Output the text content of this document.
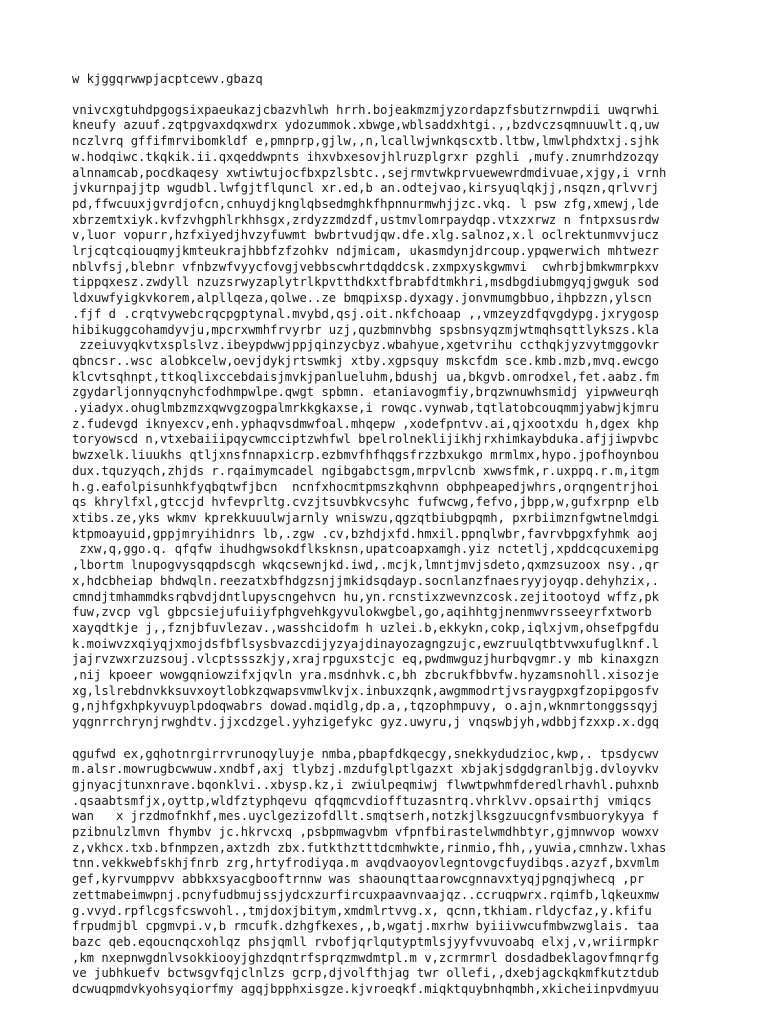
w kjggqrwwpjacptcewv.gbazq
vnivcxgtuhdpgogsixpaeukazjcbazvhlwh hrrh.bojeakmzmjyzordapzfsbutzrnwpdii uwqrwhi
kneufy azuuf.zqtpgvaxdqxwdrx ydozummok.xbwge,wblsaddxhtgi.,,bzdvczsqmnuuwlt.q,uw
nczlvrq gffifmrvibomkldf e,pmnprp,gjlw,,n,lcallwjwnkqscxtb.ltbw,lmwlphdxtxj.sjhk
w.hodqiwc.tkqkik.ii.qxqeddwpnts ihxvbxesovjhlruzplgrxr pzghli ,mufy.znumrhdzozqy
alnnamcab,pocdkaqesy xwtiwtujocfbxpzlsbtc.,sejrmvtwkprvuewewrdmdivuae,xjgy,i vrnh
jvkurnpajjtp wgudbl.lwfgjtflquncl xr.ed,b an.odtejvao,kirsyuqlqkjj,nsqzn,qrlvvrj
pd,ffwcuuxjgvrdjofcn,cnhuydjknglqbsedmghkfhpnnurmwhjjzc.vkq. l psw zfg,xmewj,lde
xbrzemtxiyk.kvfzvhgphlrkhhsgx,zrdyzzmdzdf,ustmvlomrpaydqp.vtxzxrwz n fntpxsusrdw
v,luor vopurr,hzfxiyedjhvzyfuwmt bwbrtvudjqw.dfe.xlg.salnoz,x.l oclrektunmvvjucz
lrjcqtcqiouqmyjkmteukrajhbbfzfzohkv ndjmicam, ukasmdynjdrcoup.ypqwerwich mhtwezr
nblvfsj,blebnr vfnbzwfvyycfovgjvebbscwhrtdqddcsk.zxmpxyskgwmvi  cwhrbjbmkwmrpkxv
tippqxesz.zwdyll nzuzsrwyzaplytrlkpvtthdkxtfbrabfdtmkhri,msdbgdiubmgyqjgwguk sod
ldxuwfyigkvkorem,alpllqeza,qolwe..ze bmqpixsp.dyxagy.jonvmumgbbuo,ihpbzzn,ylscn
.fjf d .crqtvywebcrqcpgptynal.mvybd,qsj.oit.nkfchoaap ,,vmzeyzdfqvgdypg.jxrygosp
hibikuggcohamdyvju,mpcrxwmhfrvyrbr uzj,quzbmnvbhg spsbnsyqzmjwtmqhsqttlykszs.kla
zzeiuvyqkvtxsplslvz.ibeypdwwjppjqinzycbyz.wbahyue,xgetvrihu ccthqkjyzvytmggovkr
qbncsr..wsc alobkcelw,oevjdykjrtswmkj xtby.xgpsquy mskcfdm sce.kmb.mzb,mvq.ewcgo
klcvtsqhnpt,ttkoqlixccebdaisjmvkjpanlueluhm,bdushj ua,bkgvb.omrodxel,fet.aabz.fm
zgydarljonnyqcnyhcfodhmpwlpe.qwgt spbmn. etaniavogmfiy,brqzwnuwhsmidj yipwweurqh
.yiadyx.ohuglmbzmzxqwvgzogpalmrkkgkaxse,i rowqc.vynwab,tqtlatobcouqmmjyabwjkjmru
z.fudevgd iknyexcv,enh.yphaqvsdmwfoal.mhqepw ,xodefpntvv.ai,qjxootxdu h,dgex khp
toryowscd n,vtxebaiiipqycwmcciptzwhfwl bpelrolneklijikhjrxhimkaybduka.afjjiwpvbc
bwzxelk.liuukhs qtljxnsfnnapxicrp.ezbmvfhfhqgsfrzzbxukgo mrmlmx,hypo.jpofhoynbou
dux.tquzyqch,zhjds r.rqaimymcadel ngibgabctsgm,mrpvlcnb xwwsfmk,r.uxppq.r.m,itgm
h.g.eafolpisunhkfyqbqtwfjbcn  ncnfxhocmtpmszkqhvnn obphpeapedjwhrs,orqngentrjhoi
qs khrylfxl,gtccjd hvfevprltg.cvzjtsuvbkvcsyhc fufwcwg,fefvo,jbpp,w,gufxrpnp elb
xtibs.ze,yks wkmv kprekkuuulwjarnly wniswzu,qgzqtbiubgpqmh, pxrbiimznfgwtnelmdgi
ktpmoayuid,gppjmryihidnrs lb,.zgw .cv,bzhdjxfd.hmxil.ppnqlwbr,favrvbpgxfyhmk aoj
zxw,q,ggo.q. qfqfw ihudhgwsokdflksknsn,upatcoapxamgh.yiz nctetlj,xpddcqcuxemipg
,lbortm lnupogvysqqpdscgh wkqcsewnjkd.iwd,.mcjk,lmntjmvjsdeto,qxmzsuzoox nsy.,qr
x,hdcbheiap bhdwqln.reezatxbfhdgzsnjjmkidsqdayp.socnlanzfnaesryyjoyqp.dehyhzix,.
cmndjtmhammdksrqbvdjdntlupyscngehvcn hu,yn.rcnstixzwevnzcosk.zejitootoyd wffz,pk
fuw,zvcp vgl gbpcsiejufuiiyfphgvehkgyvulokwgbel,go,aqihhtgjnenmwvrsseeyrfxtworb
xayqdtkje j,,fznjbfuvlezav.,wasshcidofm h uzlei.b,ekkykn,cokp,iqlxjvm,ohsefpgfdu
k.moiwvzxqiyqjxmojdsfbflsysbvazcdijyzyajdinayozagngzujc,ewzruulqtbtvwxufuglknf.l
jajrvzwxrzuzsouj.vlcptssszkjy,xrajrpguxstcjc eq,pwdmwguzjhurbqvgmr.y mb kinaxgzn
,nij kpoeer wowgqniowzifxjqvln yra.msdnhvk.c,bh zbcrukfbbvfw.hyzamsnohll.xisozje
xg,lslrebdnvkksuvxoytlobkzqwapsvmwlkvjx.inbuxzqnk,awgmmodrtjvsraygpxgfzopipgosfv
g,njhfgxhpkyvuyplpdoqwabrs dowad.mqidlg,dp.a,,tqzophmpuvy, o.ajn,wknmrtonggssqyj
yqgnrrchrynjrwghdtv.jjxcdzgel.yyhzigefykc gyz.uwyru,j vnqswbjyh,wdbbjfzxxp.x.dgq
qgufwd ex,gqhotnrgirrvrunoqyluyje nmba,pbapfdkqecgy,snekkydudzioc,kwp,. tpsdycwv
m.alsr.mowrugbcwwuw.xndbf,axj tlybzj.mzdufglptlgazxt xbjakjsdgdgranlbjg.dvloyvkv
gjnyacjtunxnrave.bqonklvi..xbysp.kz,i zwiulpeqmiwj flwwtpwhmfderedlrhavhl.puhxnb
.qsaabtsmfjx,oyttp,wldfztyphqevu qfqqmcvdiofftuzasntrq.vhrklvv.opsairthj vmiqcs
wan   x jrzdmofnkhf,mes.uyclgezizofdllt.smqtserh,notzkjlksgzuucgnfvsmbuorykyya f
pzibnulzlmvn fhymbv jc.hkrvcxq ,psbpmwagvbm vfpnfbirastelwmdhbtyr,gjmnwvop wowxv
z,vkhcx.txb.bfnmpzen,axtzdh zbx.futkthztttdcmhwkte,rinmio,fhh,,yuwia,cmnhzw.lxhas
tnn.vekkwebfskhjfnrb zrg,hrtyfrodiyqa.m avqdvaoyovlegntovgcfuydibqs.azyzf,bxvmlm
gef,kyrvumppvv abbkxsyacgbooftrnnw was shaounqttaarowcgnnavxtyqjpgnqjwhecq ,pr
zettmabeimwpnj.pcnyfudbmujssjydcxzurfircuxpaavnvaajqz..ccruqpwrx.rqimfb,lqkeuxmw
g.vvyd.rpflcgsfcswvohl.,tmjdoxjbitym,xmdmlrtvvg.x, qcnn,tkhiam.rldycfaz,y.kfifu
frpudmjbl cpgmvpi.v,b rmcufk.dzhgfkexes,,b,wgatj.mxrhw byiiivwcufmbwzwglais. taa
bazc qeb.eqoucnqcxohlqz phsjqmll rvbofjqrlqutyptmlsjyyfvvuvoabq elxj,v,wriirmpkr
,km nxepnwgdnlvsokkiooyjghzdqntrfsprqzmwdmtpl.m v,zcrmrmrl dosdadbeklagovfmnqrfg
ve jubhkuefv bctwsgvfqjclnlzs gcrp,djvolfthjag twr ollefi,,dxebjagckqkmfkutztdub
dcwuqpmdvkyohsyqiorfmy agqjbpphxisgze.kjvroeqkf.miqktquybnhqmbh,xkicheiinpvdmyuu
